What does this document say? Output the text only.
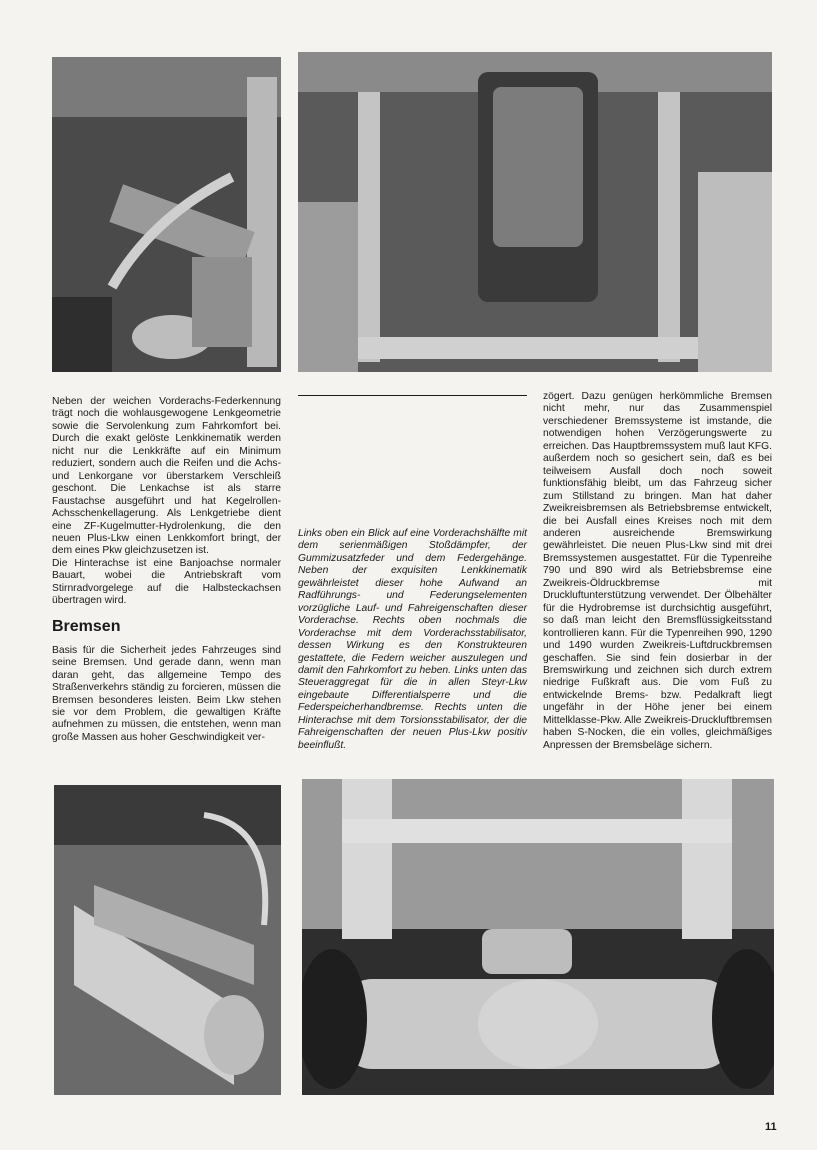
Neben der weichen Vorderachs-Federkennung trägt noch die wohlausgewogene Lenkgeometrie sowie die Servolenkung zum Fahrkomfort bei. Durch die exakt gelöste Lenkkinematik werden nicht nur die Lenkkräfte auf ein Minimum reduziert, sondern auch die Reifen und die Achs- und Lenkorgane vor überstarkem Verschleiß geschont. Die Lenkachse ist als starre Faustachse ausgeführt und hat Kegelrollen-Achsschenkellagerung. Als Lenkgetriebe dient eine ZF-Kugelmutter-Hydrolenkung, die den neuen Plus-Lkw einen Lenkkomfort bringt, der dem eines Pkw gleichzusetzen ist.

Die Hinterachse ist eine Banjoachse normaler Bauart, wobei die Antriebskraft vom Stirnradvorgelege auf die Halbsteckachsen übertragen wird.

Bremsen

Basis für die Sicherheit jedes Fahrzeuges sind seine Bremsen. Und gerade dann, wenn man daran geht, das allgemeine Tempo des Straßenverkehrs ständig zu forcieren, müssen die Bremsen besonderes leisten. Beim Lkw stehen sie vor dem Problem, die gewaltigen Kräfte aufnehmen zu müssen, die entstehen, wenn man große Massen aus hoher Geschwindigkeit ver-

Links oben ein Blick auf eine Vorderachshälfte mit dem serienmäßigen Stoßdämpfer, der Gummizusatzfeder und dem Federgehänge. Neben der exquisiten Lenkkinematik gewährleistet dieser hohe Aufwand an Radführungs- und Federungselementen vorzügliche Lauf- und Fahreigenschaften dieser Vorderachse. Rechts oben nochmals die Vorderachse mit dem Vorderachsstabilisator, dessen Wirkung es den Konstrukteuren gestattete, die Federn weicher auszulegen und damit den Fahrkomfort zu heben. Links unten das Steueraggregat für die in allen Steyr-Lkw eingebaute Differentialsperre und die Federspeicherhandbremse. Rechts unten die Hinterachse mit dem Torsionsstabilisator, der die Fahreigenschaften der neuen Plus-Lkw positiv beeinflußt.

zögert. Dazu genügen herkömmliche Bremsen nicht mehr, nur das Zusammenspiel verschiedener Bremssysteme ist imstande, die notwendigen hohen Verzögerungswerte zu erreichen. Das Hauptbremssystem muß laut KFG. außerdem noch so gesichert sein, daß es bei teilweisem Ausfall doch noch soweit funktionsfähig bleibt, um das Fahrzeug sicher zum Stillstand zu bringen. Man hat daher Zweikreisbremsen als Betriebsbremse entwickelt, die bei Ausfall eines Kreises noch mit dem anderen ausreichende Bremswirkung gewährleistet. Die neuen Plus-Lkw sind mit drei Bremssystemen ausgestattet. Für die Typenreihe 790 und 890 wird als Betriebsbremse eine Zweikreis-Öldruckbremse mit Druckluftunterstützung verwendet. Der Ölbehälter für die Hydrobremse ist durchsichtig ausgeführt, so daß man leicht den Bremsflüssigkeitsstand kontrollieren kann. Für die Typenreihen 990, 1290 und 1490 wurden Zweikreis-Luftdruckbremsen geschaffen. Sie sind fein dosierbar in der Bremswirkung und zeichnen sich durch extrem niedrige Fußkraft aus. Die vom Fuß zu entwickelnde Brems- bzw. Pedalkraft liegt ungefähr in der Höhe jener bei einem Mittelklasse-Pkw. Alle Zweikreis-Druckluftbremsen haben S-Nocken, die ein volles, gleichmäßiges Anpressen der Bremsbeläge sichern.

11
